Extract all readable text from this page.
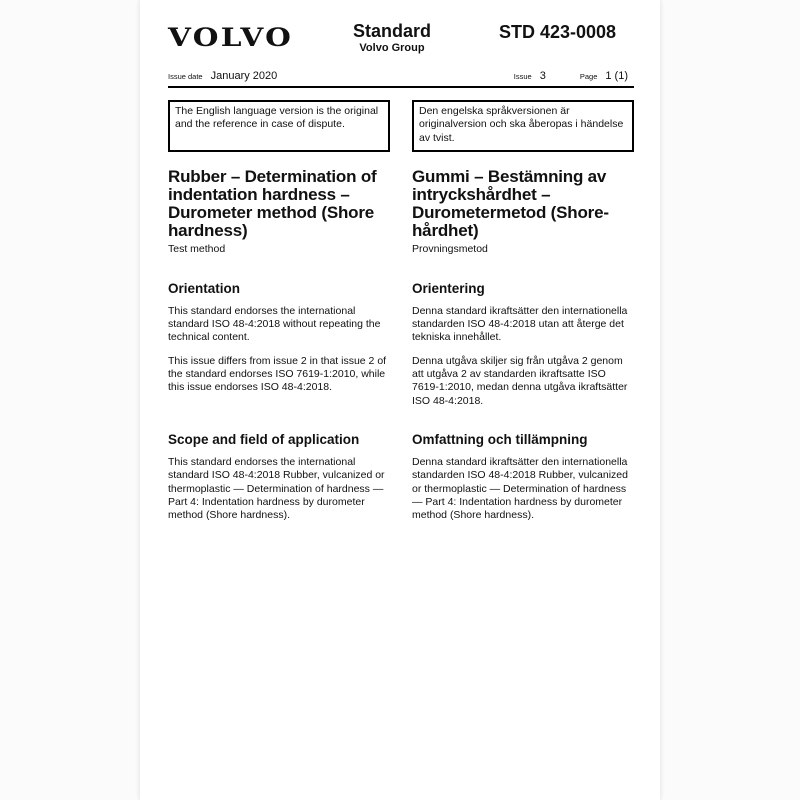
VOLVO	Standard
Volvo Group
STD 423-0008
Issue date January 2020	Issue 3	Page 1 (1)
The English language version is the original and the reference in case of dispute.
Den engelska språkversionen är originalversion och ska åberopas i händelse av tvist.
Rubber – Determination of indentation hardness – Durometer method (Shore hardness)
Test method
Gummi – Bestämning av intryckshårdhet – Durometermetod (Shore-hårdhet)
Provningsmetod
Orientation

This standard endorses the international standard ISO 48-4:2018 without repeating the technical content.

This issue differs from issue 2 in that issue 2 of the standard endorses ISO 7619-1:2010, while this issue endorses ISO 48-4:2018.

Orientering

Denna standard ikraftsätter den internationella standarden ISO 48-4:2018 utan att återge det tekniska innehållet.

Denna utgåva skiljer sig från utgåva 2 genom att utgåva 2 av standarden ikraftsatte ISO 7619-1:2010, medan denna utgåva ikraftsätter ISO 48-4:2018.

Scope and field of application

This standard endorses the international standard ISO 48-4:2018 Rubber, vulcanized or thermoplastic — Determination of hardness — Part 4: Indentation hardness by durometer method (Shore hardness).

Omfattning och tillämpning

Denna standard ikraftsätter den internationella standarden ISO 48-4:2018 Rubber, vulcanized or thermoplastic — Determination of hardness — Part 4: Indentation hardness by durometer method (Shore hardness).
